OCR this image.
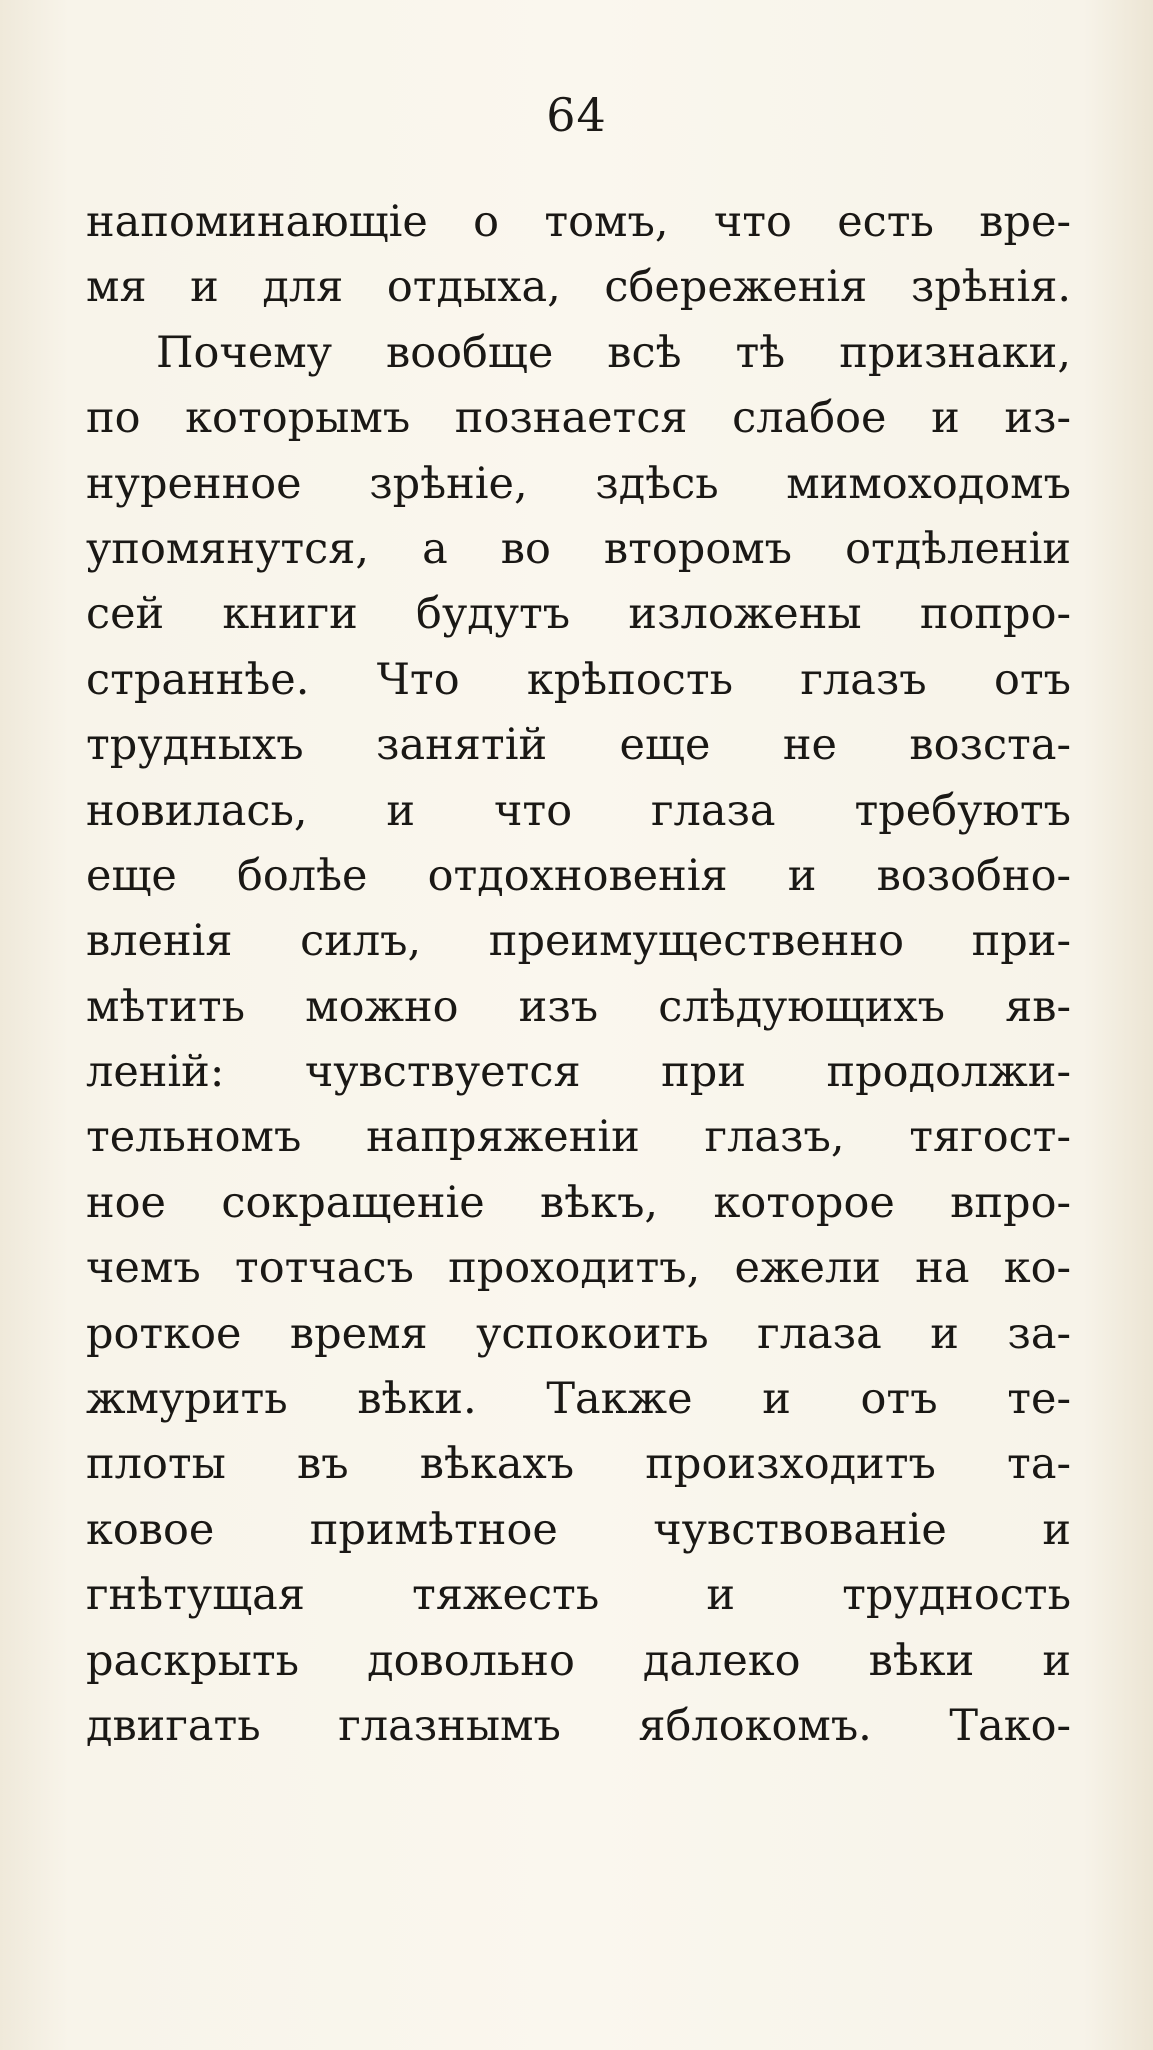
64
напоминающіе о томъ, что есть вре-
мя и для отдыха, сбереженія зрѣнія.
Почему вообще всѣ тѣ признаки,
по которымъ познается слабое и из-
нуренное зрѣніе, здѣсь мимоходомъ
упомянутся, а во второмъ отдѣленіи
сей книги будутъ изложены попро-
страннѣе. Что крѣпость глазъ отъ
трудныхъ занятій еще не возста-
новилась, и что глаза требуютъ
еще болѣе отдохновенія и возобно-
вленія силъ, преимущественно при-
мѣтить можно изъ слѣдующихъ яв-
леній: чувствуется при продолжи-
тельномъ напряженіи глазъ, тягост-
ное сокращеніе вѣкъ, которое впро-
чемъ тотчасъ проходитъ, ежели на ко-
роткое время успокоить глаза и за-
жмурить вѣки. Также и отъ те-
плоты въ вѣкахъ произходитъ та-
ковое примѣтное чувствованіе и
гнѣтущая тяжесть и трудность
раскрыть довольно далеко вѣки и
двигать глазнымъ яблокомъ. Тако-
